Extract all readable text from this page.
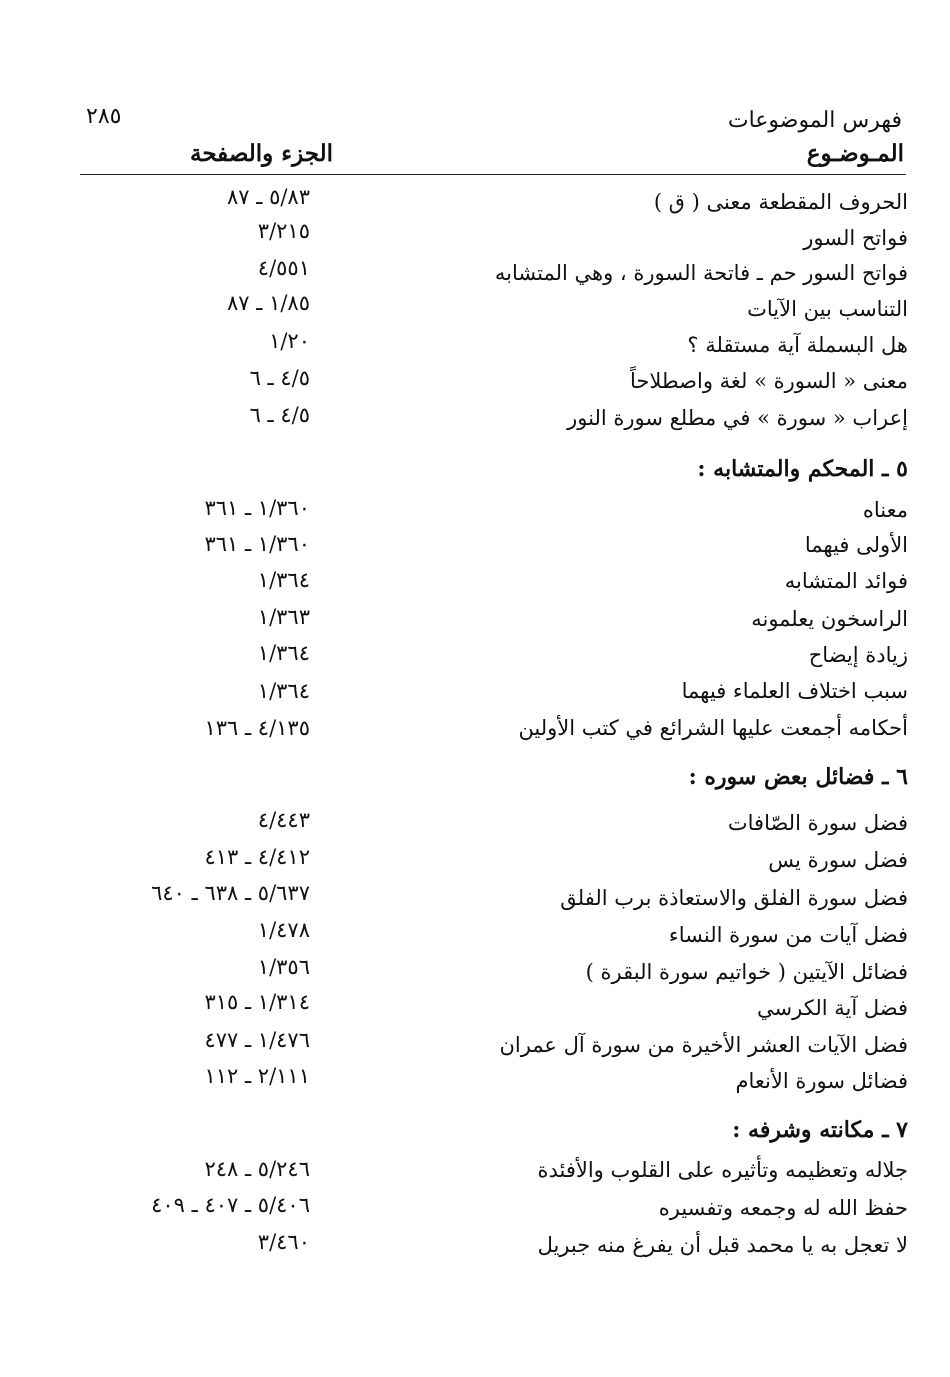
٢٨٥	فهرس الموضوعات
المـوضـوع
الجزء والصفحة
الحروف المقطعة معنى ( ق )
٥/٨٣ ـ ٨٧
فواتح السور
٣/٢١٥
فواتح السور حم ـ فاتحة السورة ، وهي المتشابه
٤/٥٥١
التناسب بين الآيات
١/٨٥ ـ ٨٧
هل البسملة آية مستقلة ؟
١/٢٠
معنى « السورة » لغة واصطلاحاً
٤/٥ ـ ٦
إعراب « سورة » في مطلع سورة النور
٤/٥ ـ ٦
٥ ـ المحكم والمتشابه :
معناه
١/٣٦٠ ـ ٣٦١
الأولى فيهما
١/٣٦٠ ـ ٣٦١
فوائد المتشابه
١/٣٦٤
الراسخون يعلمونه
١/٣٦٣
زيادة إيضاح
١/٣٦٤
سبب اختلاف العلماء فيهما
١/٣٦٤
أحكامه أجمعت عليها الشرائع في كتب الأولين
٤/١٣٥ ـ ١٣٦
٦ ـ فضائل بعض سوره :
فضل سورة الصّافات
٤/٤٤٣
فضل سورة يس
٤/٤١٢ ـ ٤١٣
فضل سورة الفلق والاستعاذة برب الفلق
٥/٦٣٧ ـ ٦٣٨ ـ ٦٤٠
فضل آيات من سورة النساء
١/٤٧٨
فضائل الآيتين ( خواتيم سورة البقرة )
١/٣٥٦
فضل آية الكرسي
١/٣١٤ ـ ٣١٥
فضل الآيات العشر الأخيرة من سورة آل عمران
١/٤٧٦ ـ ٤٧٧
فضائل سورة الأنعام
٢/١١١ ـ ١١٢
٧ ـ مكانته وشرفه :
جلاله وتعظيمه وتأثيره على القلوب والأفئدة
٥/٢٤٦ ـ ٢٤٨
حفظ الله له وجمعه وتفسيره
٥/٤٠٦ ـ ٤٠٧ ـ ٤٠٩
لا تعجل به يا محمد قبل أن يفرغ منه جبريل
٣/٤٦٠
